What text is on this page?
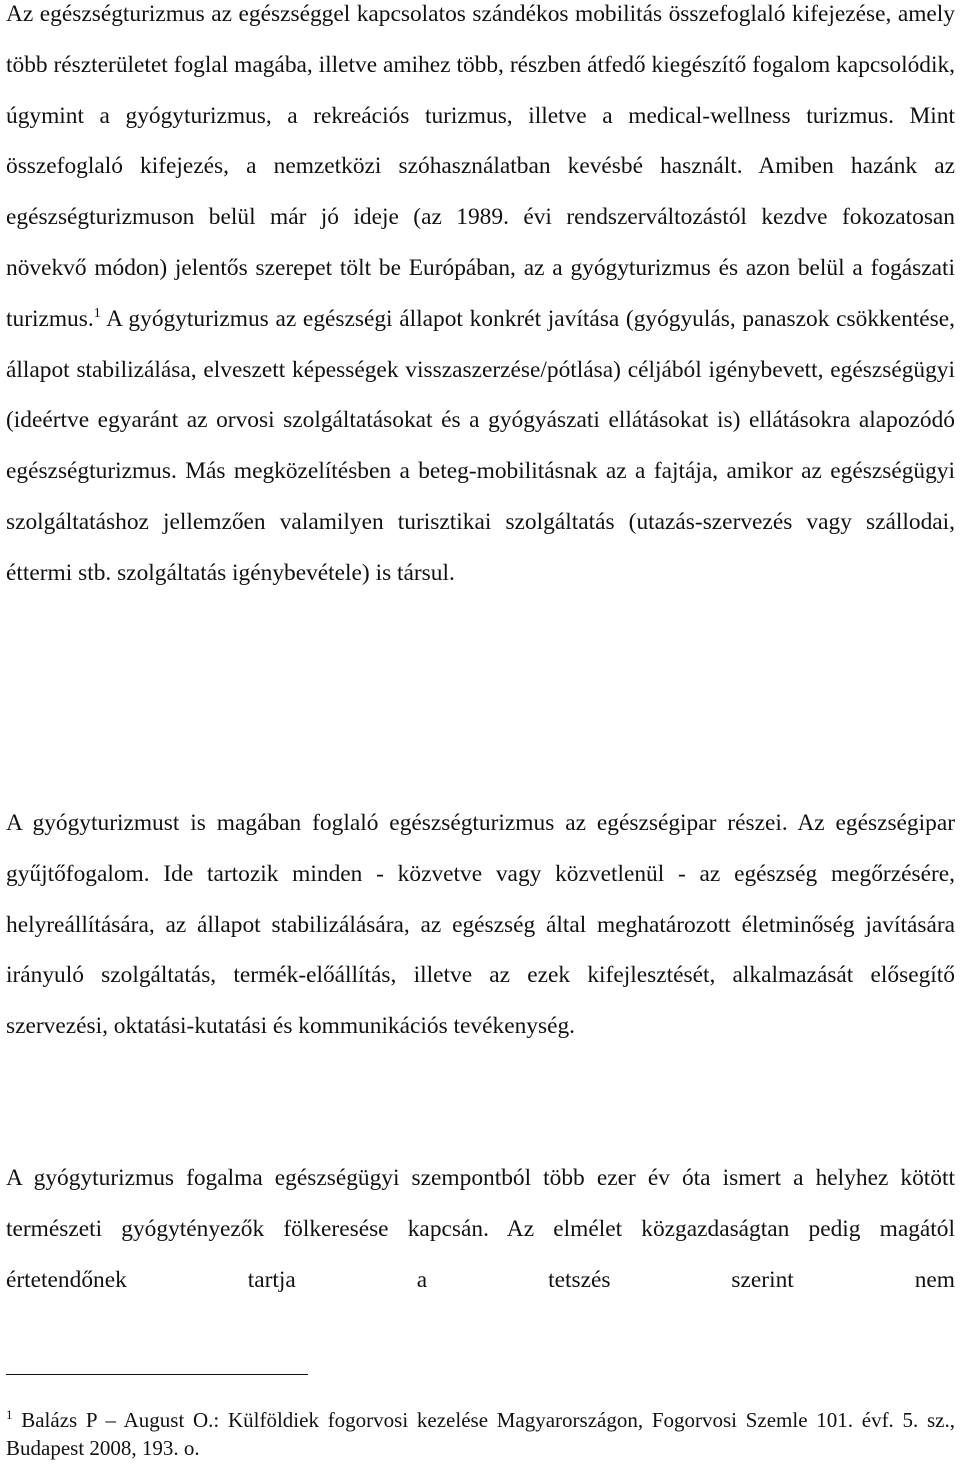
Az egészségturizmus az egészséggel kapcsolatos szándékos mobilitás összefoglaló kifejezése, amely több részterületet foglal magába, illetve amihez több, részben átfedő kiegészítő fogalom kapcsolódik, úgymint a gyógyturizmus, a rekreációs turizmus, illetve a medical-wellness turizmus. Mint összefoglaló kifejezés, a nemzetközi szóhasználatban kevésbé használt. Amiben hazánk az egészségturizmuson belül már jó ideje (az 1989. évi rendszerváltozástól kezdve fokozatosan növekvő módon) jelentős szerepet tölt be Európában, az a gyógyturizmus és azon belül a fogászati turizmus.$^1$ A gyógyturizmus az egészségi állapot konkrét javítása (gyógyulás, panaszok csökkentése, állapot stabilizálása, elveszett képességek visszaszerzése/pótlása) céljából igénybevett, egészségügyi (ideértve egyaránt az orvosi szolgáltatásokat és a gyógyászati ellátásokat is) ellátásokra alapozódó egészségturizmus. Más megközelítésben a beteg-mobilitásnak az a fajtája, amikor az egészségügyi szolgáltatáshoz jellemzően valamilyen turisztikai szolgáltatás (utazás-szervezés vagy szállodai, éttermi stb. szolgáltatás igénybevétele) is társul.

A gyógyturizmust is magában foglaló egészségturizmus az egészségipar részei. Az egészségipar gyűjtőfogalom. Ide tartozik minden - közvetve vagy közvetlenül - az egészség megőrzésére, helyreállítására, az állapot stabilizálására, az egészség által meghatározott életminőség javítására irányuló szolgáltatás, termék-előállítás, illetve az ezek kifejlesztését, alkalmazását elősegítő szervezési, oktatási-kutatási és kommunikációs tevékenység.

A gyógyturizmus fogalma egészségügyi szempontból több ezer év óta ismert a helyhez kötött természeti gyógytényezők fölkeresése kapcsán. Az elmélet közgazdaságtan pedig magától értetendőnek tartja a tetszés szerint nem

$^1$ Balázs P – August O.: Külföldiek fogorvosi kezelése Magyarországon, Fogorvosi Szemle 101. évf. 5. sz., Budapest 2008, 193. o.
